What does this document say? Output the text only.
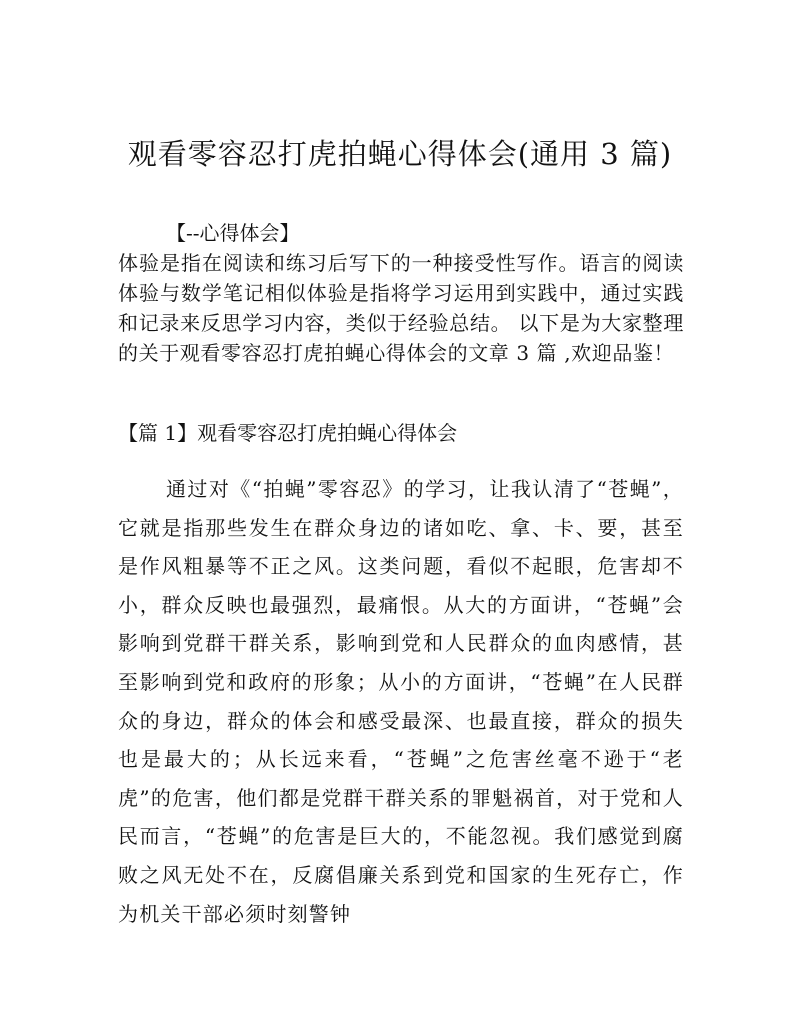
观看零容忍打虎拍蝇心得体会(通用 3 篇)
【--心得体会】
体验是指在阅读和练习后写下的一种接受性写作。语言的阅读体验与数学笔记相似体验是指将学习运用到实践中，通过实践和记录来反思学习内容，类似于经验总结。 以下是为大家整理的关于观看零容忍打虎拍蝇心得体会的文章 3 篇 ,欢迎品鉴！
【篇 1】观看零容忍打虎拍蝇心得体会
通过对《“拍蝇”零容忍》的学习，让我认清了“苍蝇”，它就是指那些发生在群众身边的诸如吃、拿、卡、要，甚至是作风粗暴等不正之风。这类问题，看似不起眼，危害却不小，群众反映也最强烈，最痛恨。从大的方面讲，“苍蝇”会影响到党群干群关系，影响到党和人民群众的血肉感情，甚至影响到党和政府的形象；从小的方面讲，“苍蝇”在人民群众的身边，群众的体会和感受最深、也最直接，群众的损失也是最大的；从长远来看，“苍蝇”之危害丝毫不逊于“老虎”的危害，他们都是党群干群关系的罪魁祸首，对于党和人民而言，“苍蝇”的危害是巨大的，不能忽视。我们感觉到腐败之风无处不在，反腐倡廉关系到党和国家的生死存亡，作为机关干部必须时刻警钟
